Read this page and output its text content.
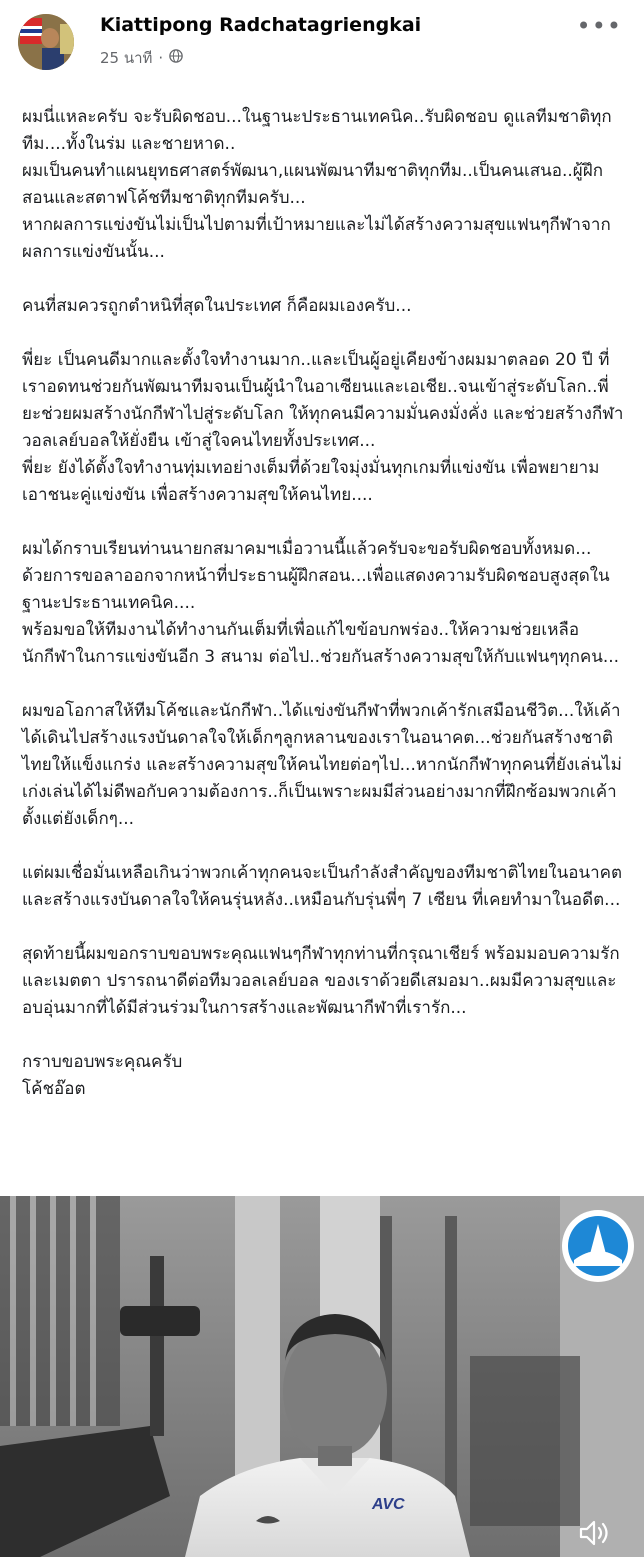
Kiattipong Radchatagriengkai
25 นาที ·
•••

ผมนี่แหละครับ จะรับผิดชอบ...ในฐานะประธานเทคนิค..รับผิดชอบ ดูแลทีมชาติทุกทีม....ทั้งในร่ม และชายหาด..
ผมเป็นคนทำแผนยุทธศาสตร์พัฒนา,แผนพัฒนาทีมชาติทุกทีม..เป็นคนเสนอ..ผู้ฝึกสอนและสตาฟโค้ชทีมชาติทุกทีมครับ...
หากผลการแข่งขันไม่เป็นไปตามที่เป้าหมายและไม่ได้สร้างความสุขแฟนๆกีฬาจากผลการแข่งขันนั้น...

คนที่สมควรถูกตำหนิที่สุดในประเทศ ก็คือผมเองครับ...

พี่ยะ เป็นคนดีมากและตั้งใจทำงานมาก..และเป็นผู้อยู่เคียงข้างผมมาตลอด 20 ปี ที่เราอดทนช่วยกันพัฒนาทีมจนเป็นผู้นำในอาเซียนและเอเชีย..จนเข้าสู่ระดับโลก..พี่ยะช่วยผมสร้างนักกีฬาไปสู่ระดับโลก ให้ทุกคนมีความมั่นคงมั่งคั่ง และช่วยสร้างกีฬาวอลเลย์บอลให้ยั่งยืน เข้าสู่ใจคนไทยทั้งประเทศ...
พี่ยะ ยังได้ตั้งใจทำงานทุ่มเทอย่างเต็มที่ด้วยใจมุ่งมั่นทุกเกมที่แข่งขัน เพื่อพยายามเอาชนะคู่แข่งขัน เพื่อสร้างความสุขให้คนไทย....

ผมได้กราบเรียนท่านนายกสมาคมฯเมื่อวานนี้แล้วครับจะขอรับผิดชอบทั้งหมด... ด้วยการขอลาออกจากหน้าที่ประธานผู้ฝึกสอน...เพื่อแสดงความรับผิดชอบสูงสุดในฐานะประธานเทคนิค....
พร้อมขอให้ทีมงานได้ทำงานกันเต็มที่เพื่อแก้ไขข้อบกพร่อง..ให้ความช่วยเหลือนักกีฬาในการแข่งขันอีก 3 สนาม ต่อไป..ช่วยกันสร้างความสุขให้กับแฟนๆทุกคน...

ผมขอโอกาสให้ทีมโค้ชและนักกีฬา..ได้แข่งขันกีฬาที่พวกเค้ารักเสมือนชีวิต...ให้เค้าได้เดินไปสร้างแรงบันดาลใจให้เด็กๆลูกหลานของเราในอนาคต...ช่วยกันสร้างชาติไทยให้แข็งแกร่ง และสร้างความสุขให้คนไทยต่อๆไป...หากนักกีฬาทุกคนที่ยังเล่นไม่เก่งเล่นได้ไม่ดีพอกับความต้องการ..ก็เป็นเพราะผมมีส่วนอย่างมากที่ฝึกซ้อมพวกเค้าตั้งแต่ยังเด็กๆ...

แต่ผมเชื่อมั่นเหลือเกินว่าพวกเค้าทุกคนจะเป็นกำลังสำคัญของทีมชาติไทยในอนาคตและสร้างแรงบันดาลใจให้คนรุ่นหลัง..เหมือนกับรุ่นพี่ๆ 7 เซียน ที่เคยทำมาในอดีต...

สุดท้ายนี้ผมขอกราบขอบพระคุณแฟนๆกีฬาทุกท่านที่กรุณาเชียร์ พร้อมมอบความรักและเมตตา ปรารถนาดีต่อทีมวอลเลย์บอล ของเราด้วยดีเสมอมา..ผมมีความสุขและอบอุ่นมากที่ได้มีส่วนร่วมในการสร้างและพัฒนากีฬาที่เรารัก...

กราบขอบพระคุณครับ
โค้ชอ๊อต

AVC
